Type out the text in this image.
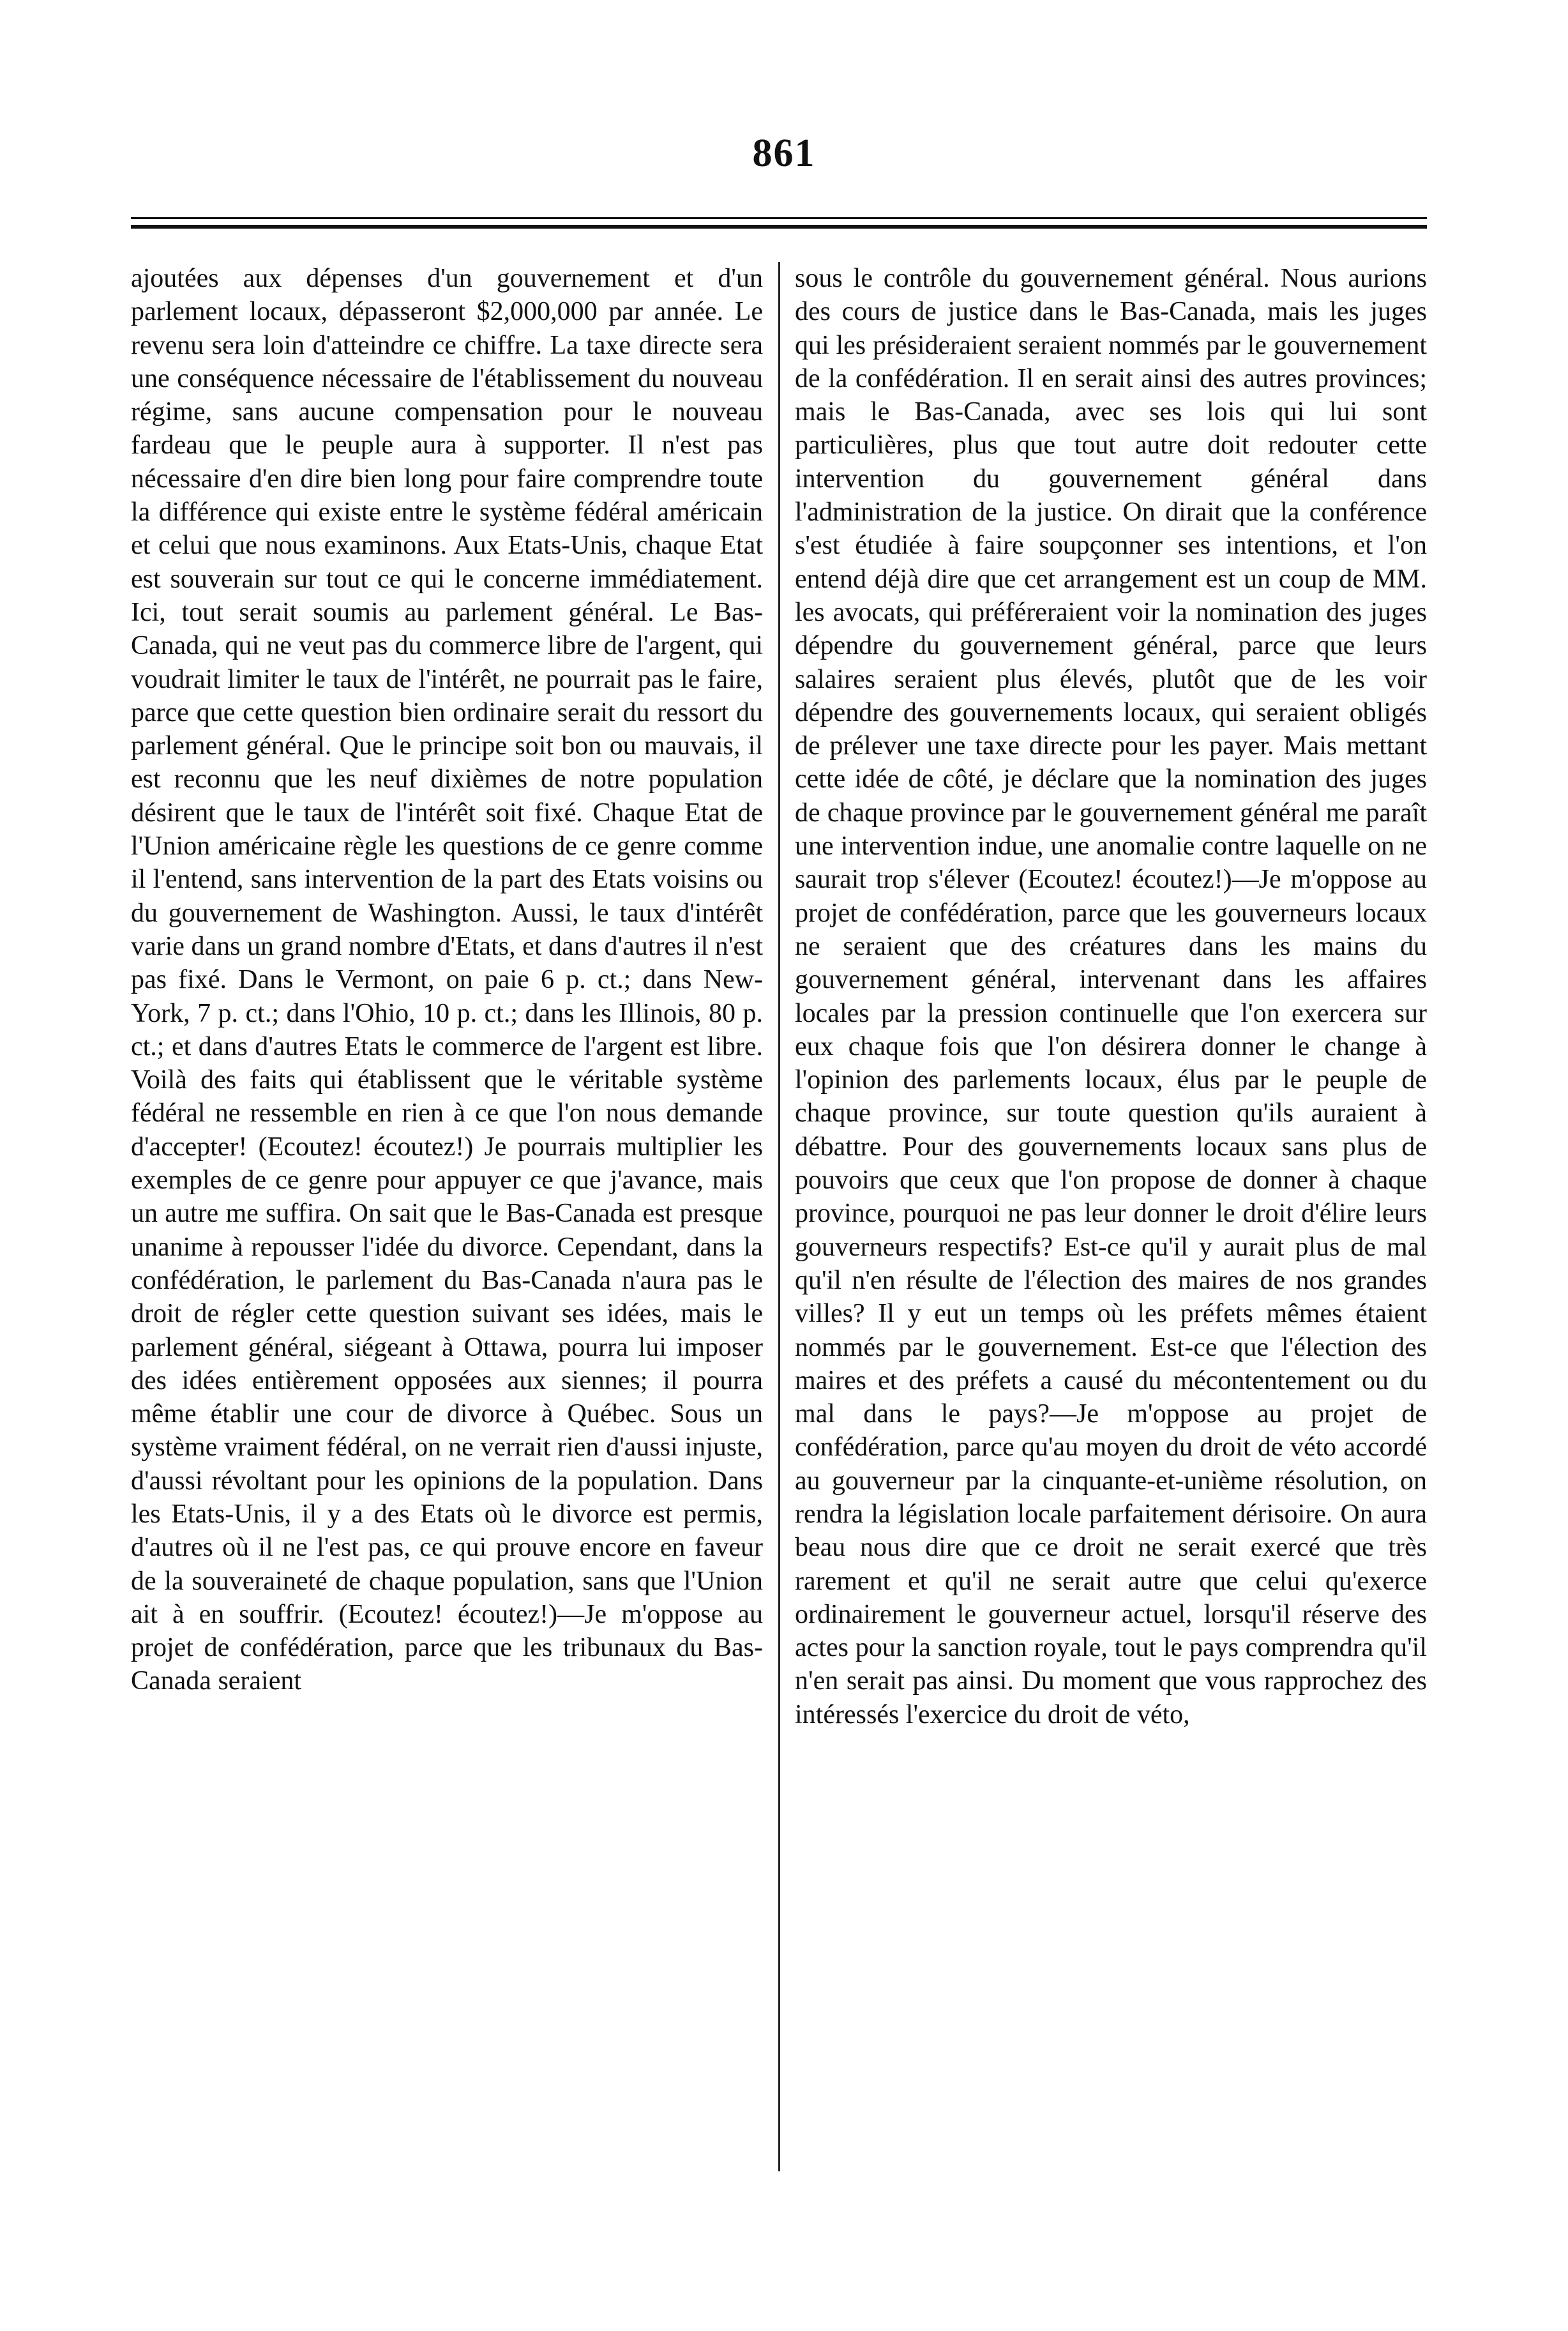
861

ajoutées aux dépenses d'un gouvernement et d'un parlement locaux, dépasseront $2,000,000 par année. Le revenu sera loin d'atteindre ce chiffre. La taxe directe sera une conséquence nécessaire de l'établissement du nouveau régime, sans aucune compensation pour le nouveau fardeau que le peuple aura à supporter. Il n'est pas nécessaire d'en dire bien long pour faire comprendre toute la différence qui existe entre le système fédéral américain et celui que nous examinons. Aux Etats-Unis, chaque Etat est souverain sur tout ce qui le concerne immédiatement. Ici, tout serait soumis au parlement général. Le Bas-Canada, qui ne veut pas du commerce libre de l'argent, qui voudrait limiter le taux de l'intérêt, ne pourrait pas le faire, parce que cette question bien ordinaire serait du ressort du parlement général. Que le principe soit bon ou mauvais, il est reconnu que les neuf dixièmes de notre population désirent que le taux de l'intérêt soit fixé. Chaque Etat de l'Union américaine règle les questions de ce genre comme il l'entend, sans intervention de la part des Etats voisins ou du gouvernement de Washington. Aussi, le taux d'intérêt varie dans un grand nombre d'Etats, et dans d'autres il n'est pas fixé. Dans le Vermont, on paie 6 p. ct.; dans New-York, 7 p. ct.; dans l'Ohio, 10 p. ct.; dans les Illinois, 80 p. ct.; et dans d'autres Etats le commerce de l'argent est libre. Voilà des faits qui établissent que le véritable système fédéral ne ressemble en rien à ce que l'on nous demande d'accepter! (Ecoutez! écoutez!) Je pourrais multiplier les exemples de ce genre pour appuyer ce que j'avance, mais un autre me suffira. On sait que le Bas-Canada est presque unanime à repousser l'idée du divorce. Cependant, dans la confédération, le parlement du Bas-Canada n'aura pas le droit de régler cette question suivant ses idées, mais le parlement général, siégeant à Ottawa, pourra lui imposer des idées entièrement opposées aux siennes; il pourra même établir une cour de divorce à Québec. Sous un système vraiment fédéral, on ne verrait rien d'aussi injuste, d'aussi révoltant pour les opinions de la population. Dans les Etats-Unis, il y a des Etats où le divorce est permis, d'autres où il ne l'est pas, ce qui prouve encore en faveur de la souveraineté de chaque population, sans que l'Union ait à en souffrir. (Ecoutez! écoutez!)—Je m'oppose au projet de confédération, parce que les tribunaux du Bas-Canada seraient

sous le contrôle du gouvernement général. Nous aurions des cours de justice dans le Bas-Canada, mais les juges qui les présideraient seraient nommés par le gouvernement de la confédération. Il en serait ainsi des autres provinces; mais le Bas-Canada, avec ses lois qui lui sont particulières, plus que tout autre doit redouter cette intervention du gouvernement général dans l'administration de la justice. On dirait que la conférence s'est étudiée à faire soupçonner ses intentions, et l'on entend déjà dire que cet arrangement est un coup de MM. les avocats, qui préféreraient voir la nomination des juges dépendre du gouvernement général, parce que leurs salaires seraient plus élevés, plutôt que de les voir dépendre des gouvernements locaux, qui seraient obligés de prélever une taxe directe pour les payer. Mais mettant cette idée de côté, je déclare que la nomination des juges de chaque province par le gouvernement général me paraît une intervention indue, une anomalie contre laquelle on ne saurait trop s'élever (Ecoutez! écoutez!)—Je m'oppose au projet de confédération, parce que les gouverneurs locaux ne seraient que des créatures dans les mains du gouvernement général, intervenant dans les affaires locales par la pression continuelle que l'on exercera sur eux chaque fois que l'on désirera donner le change à l'opinion des parlements locaux, élus par le peuple de chaque province, sur toute question qu'ils auraient à débattre. Pour des gouvernements locaux sans plus de pouvoirs que ceux que l'on propose de donner à chaque province, pourquoi ne pas leur donner le droit d'élire leurs gouverneurs respectifs? Est-ce qu'il y aurait plus de mal qu'il n'en résulte de l'élection des maires de nos grandes villes? Il y eut un temps où les préfets mêmes étaient nommés par le gouvernement. Est-ce que l'élection des maires et des préfets a causé du mécontentement ou du mal dans le pays?—Je m'oppose au projet de confédération, parce qu'au moyen du droit de véto accordé au gouverneur par la cinquante-et-unième résolution, on rendra la législation locale parfaitement dérisoire. On aura beau nous dire que ce droit ne serait exercé que très rarement et qu'il ne serait autre que celui qu'exerce ordinairement le gouverneur actuel, lorsqu'il réserve des actes pour la sanction royale, tout le pays comprendra qu'il n'en serait pas ainsi. Du moment que vous rapprochez des intéressés l'exercice du droit de véto,
